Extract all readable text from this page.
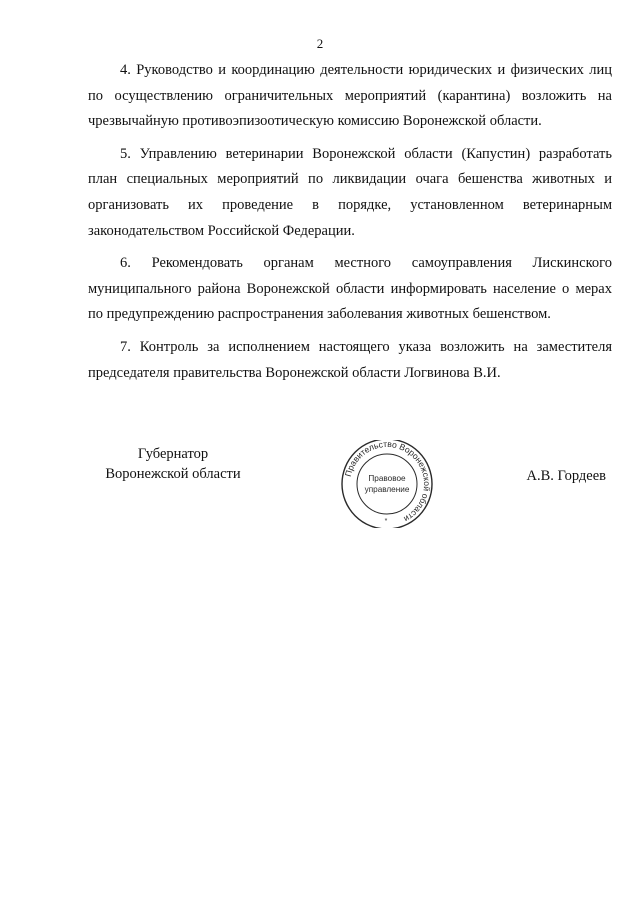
2

4. Руководство и координацию деятельности юридических и физических лиц по осуществлению ограничительных мероприятий (карантина) возложить на чрезвычайную противоэпизоотическую комиссию Воронежской области.

5. Управлению ветеринарии Воронежской области (Капустин) разработать план специальных мероприятий по ликвидации очага бешенства животных и организовать их проведение в порядке, установленном ветеринарным законодательством Российской Федерации.

6. Рекомендовать органам местного самоуправления Лискинского муниципального района Воронежской области информировать население о мерах по предупреждению распространения заболевания животных бешенством.

7. Контроль за исполнением настоящего указа возложить на заместителя председателя правительства Воронежской области Логвинова В.И.

Губернатор
Воронежской области	Правительство Воронежской области
Правовое
управление
*
А.В. Гордеев
